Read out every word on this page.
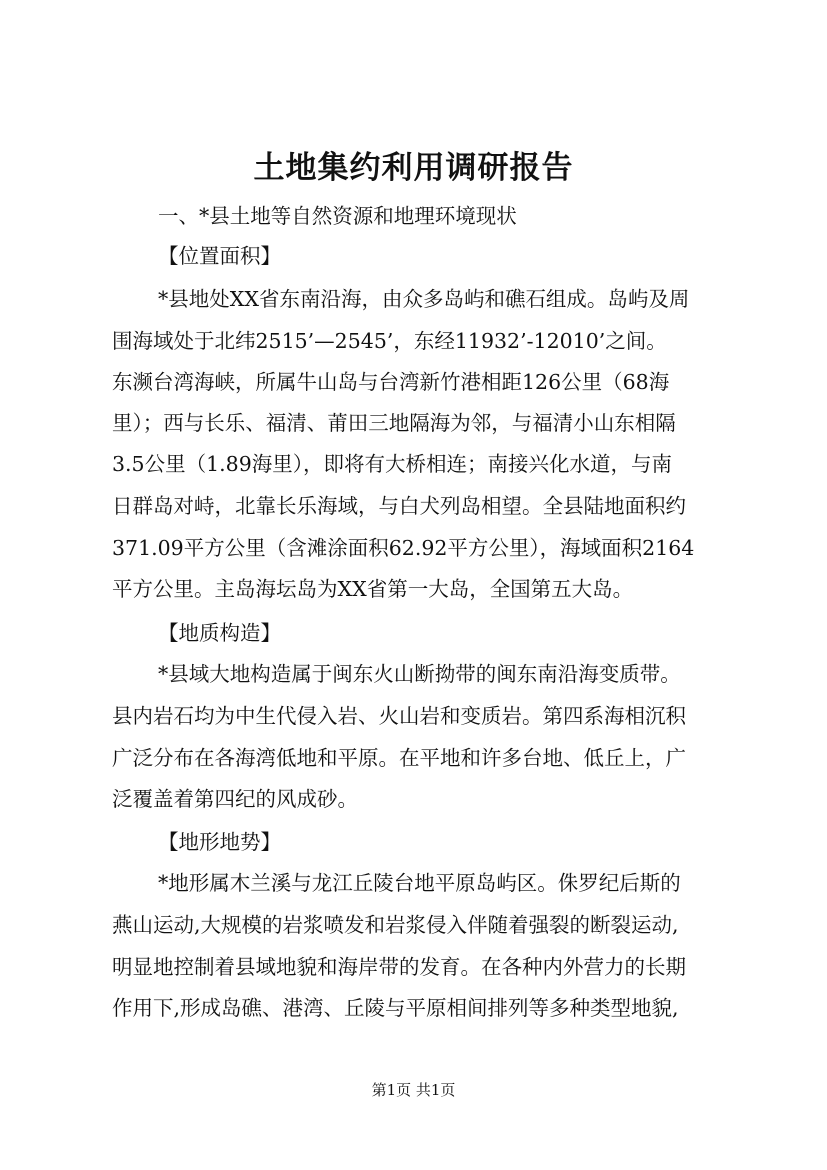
土地集约利用调研报告
一、*县土地等自然资源和地理环境现状
【位置面积】
*县地处XX省东南沿海，由众多岛屿和礁石组成。岛屿及周
围海域处于北纬2515’—2545’，东经11932’-12010’之间。
东濒台湾海峡，所属牛山岛与台湾新竹港相距126公里（68海
里）；西与长乐、福清、莆田三地隔海为邻，与福清小山东相隔
3.5公里（1.89海里），即将有大桥相连；南接兴化水道，与南
日群岛对峙，北靠长乐海域，与白犬列岛相望。全县陆地面积约
371.09平方公里（含滩涂面积62.92平方公里），海域面积2164
平方公里。主岛海坛岛为XX省第一大岛，全国第五大岛。
【地质构造】
*县域大地构造属于闽东火山断拗带的闽东南沿海变质带。
县内岩石均为中生代侵入岩、火山岩和变质岩。第四系海相沉积
广泛分布在各海湾低地和平原。在平地和许多台地、低丘上，广
泛覆盖着第四纪的风成砂。
【地形地势】
*地形属木兰溪与龙江丘陵台地平原岛屿区。侏罗纪后斯的
燕山运动,大规模的岩浆喷发和岩浆侵入伴随着强裂的断裂运动,
明显地控制着县域地貌和海岸带的发育。在各种内外营力的长期
作用下,形成岛礁、港湾、丘陵与平原相间排列等多种类型地貌,
第1页 共1页
